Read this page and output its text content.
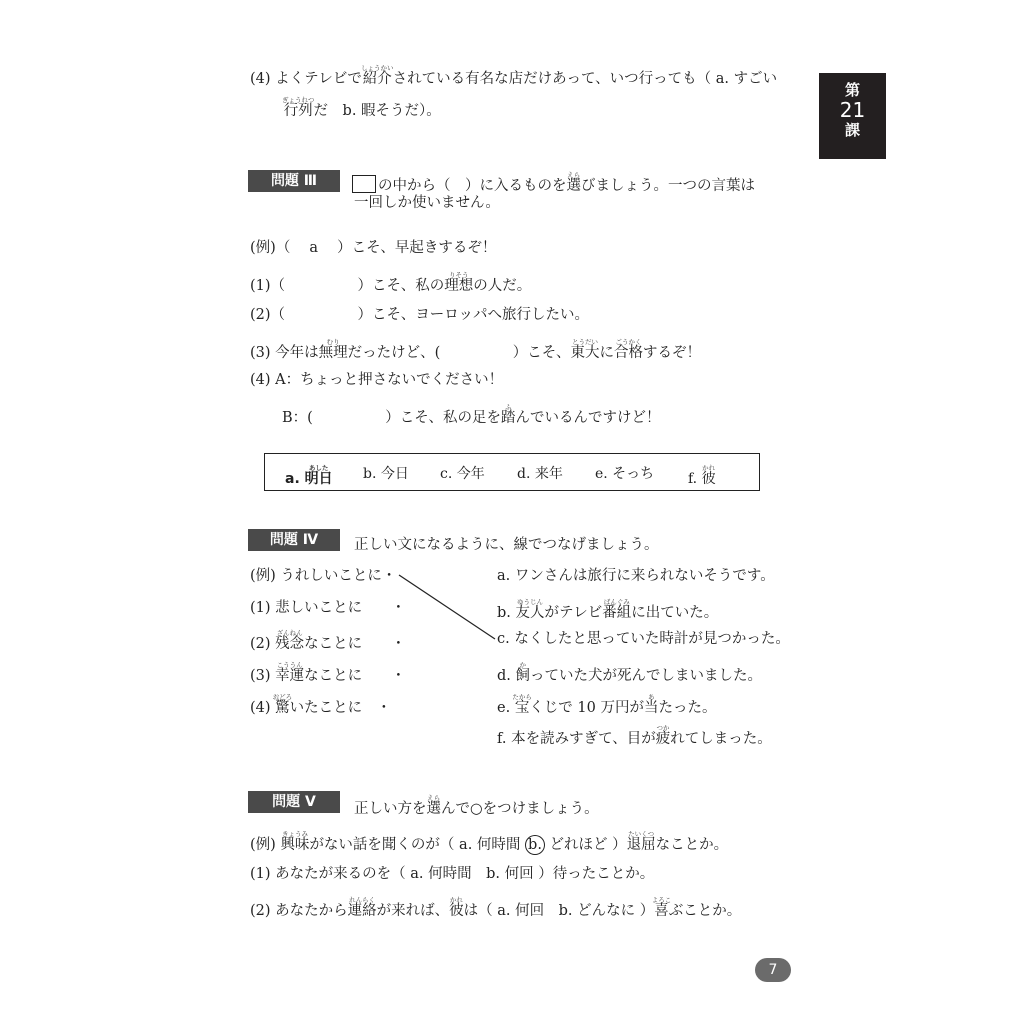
第
21
課
(4) よくテレビで紹介しょうかいされている有名な店だけあって、いつ行っても（ a. すごい
行列ぎょうれつだ　b. 暇そうだ）。
問題 Ⅲ	の中から（　）に入るものを選えらびましょう。一つの言葉は
一回しか使いません。
(例)（　 a 　）こそ、早起きするぞ！
(1)（　　　　　）こそ、私の理想りそうの人だ。
(2)（　　　　　）こそ、ヨーロッパへ旅行したい。
(3) 今年は無理むりだったけど、(　　　　　）こそ、東大とうだいに合格ごうかくするぞ！
(4) A：ちょっと押さないでください！
B：(　　　　　）こそ、私の足を踏ふんでいるんですけど！
a. 明日あした b. 今日 c. 今年 d. 来年 e. そっち f. 彼かれ
問題 Ⅳ	正しい文になるように、線でつなげましょう。
(例) うれしいことに・
(1) 悲しいことに　　・
(2) 残念ざんねんなことに　　・
(3) 幸運こううんなことに　　・
(4) 驚おどろいたことに　・
a. ワンさんは旅行に来られないそうです。
b. 友人ゆうじんがテレビ番組ばんぐみに出ていた。
c. なくしたと思っていた時計が見つかった。
d. 飼かっていた犬が死んでしまいました。
e. 宝たからくじで 10 万円が当あたった。
f. 本を読みすぎて、目が疲つかれてしまった。
問題 Ⅴ	正しい方を選えらんで○をつけましょう。
(例) 興味きょうみがない話を聞くのが（ a. 何時間 b. どれほど ）退屈たいくつなことか。
(1) あなたが来るのを（ a. 何時間　b. 何回 ）待ったことか。
(2) あなたから連絡れんらくが来れば、彼かれは（ a. 何回　b. どんなに ）喜よろこぶことか。
7
